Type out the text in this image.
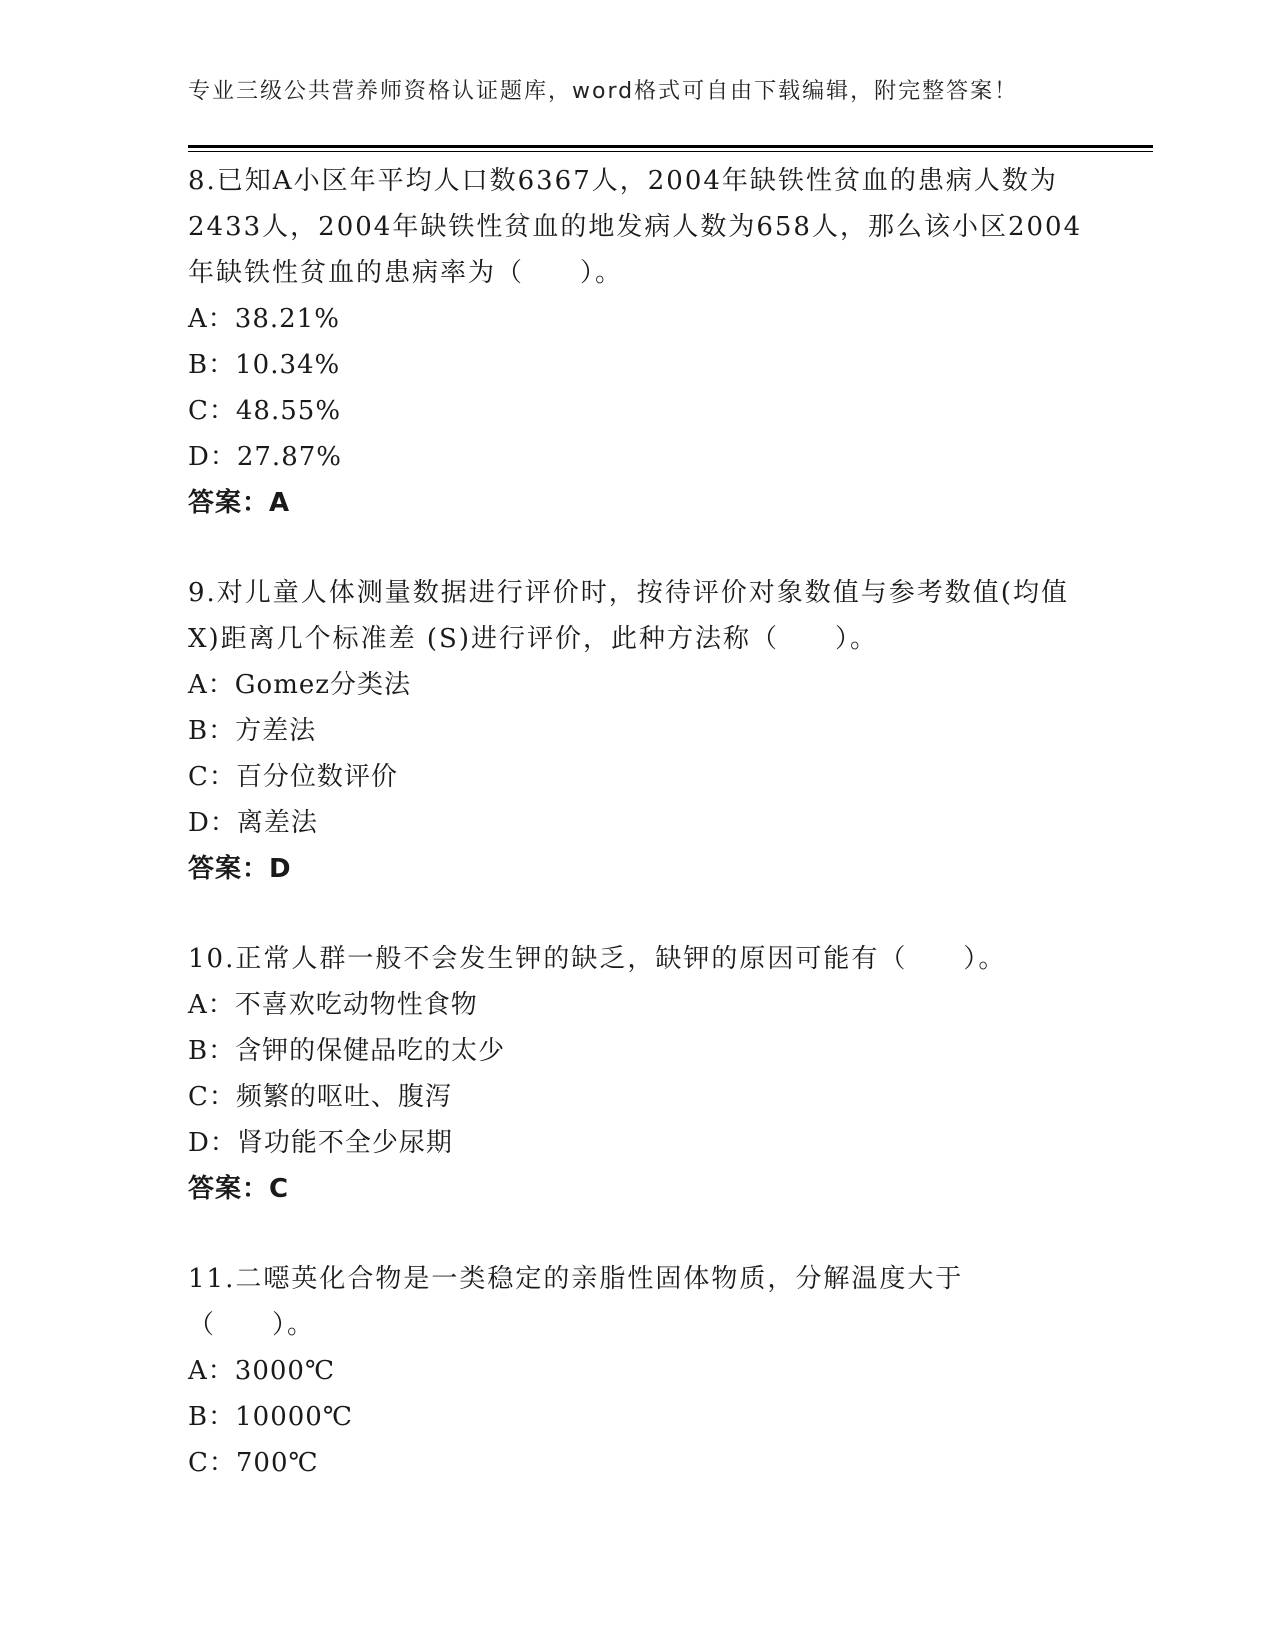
专业三级公共营养师资格认证题库，word格式可自由下载编辑，附完整答案！

8.已知A小区年平均人口数6367人，2004年缺铁性贫血的患病人数为2433人，2004年缺铁性贫血的地发病人数为658人，那么该小区2004年缺铁性贫血的患病率为（　　）。

A：38.21%

B：10.34%

C：48.55%

D：27.87%

答案：A

9.对儿童人体测量数据进行评价时，按待评价对象数值与参考数值(均值X)距离几个标准差 (S)进行评价，此种方法称（　　）。

A：Gomez分类法

B：方差法

C：百分位数评价

D：离差法

答案：D

10.正常人群一般不会发生钾的缺乏，缺钾的原因可能有（　　）。

A：不喜欢吃动物性食物

B：含钾的保健品吃的太少

C：频繁的呕吐、腹泻

D：肾功能不全少尿期

答案：C

11.二噁英化合物是一类稳定的亲脂性固体物质，分解温度大于（　　）。

A：3000℃

B：10000℃

C：700℃
